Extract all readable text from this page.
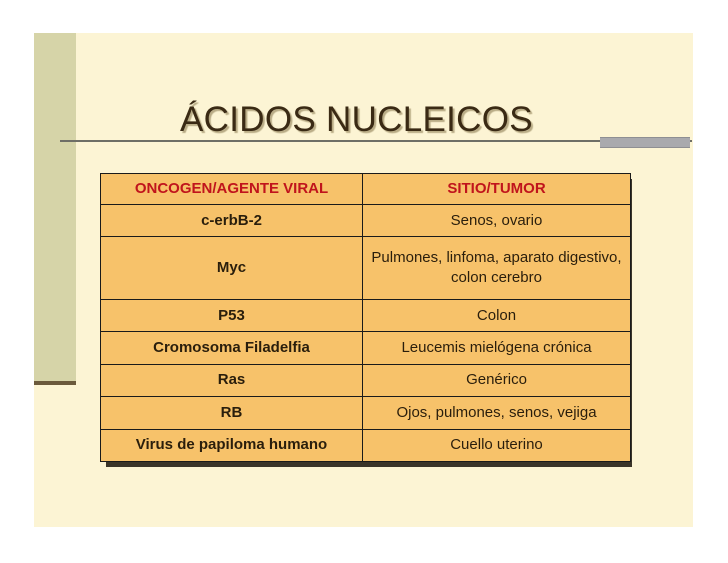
ÁCIDOS NUCLEICOS
ONCOGEN/AGENTE VIRAL	SITIO/TUMOR
c-erbB-2	Senos, ovario
Myc	Pulmones, linfoma, aparato digestivo, colon cerebro
P53	Colon
Cromosoma Filadelfia	Leucemis mielógena crónica
Ras	Genérico
RB	Ojos, pulmones, senos, vejiga
Virus de papiloma humano	Cuello uterino
